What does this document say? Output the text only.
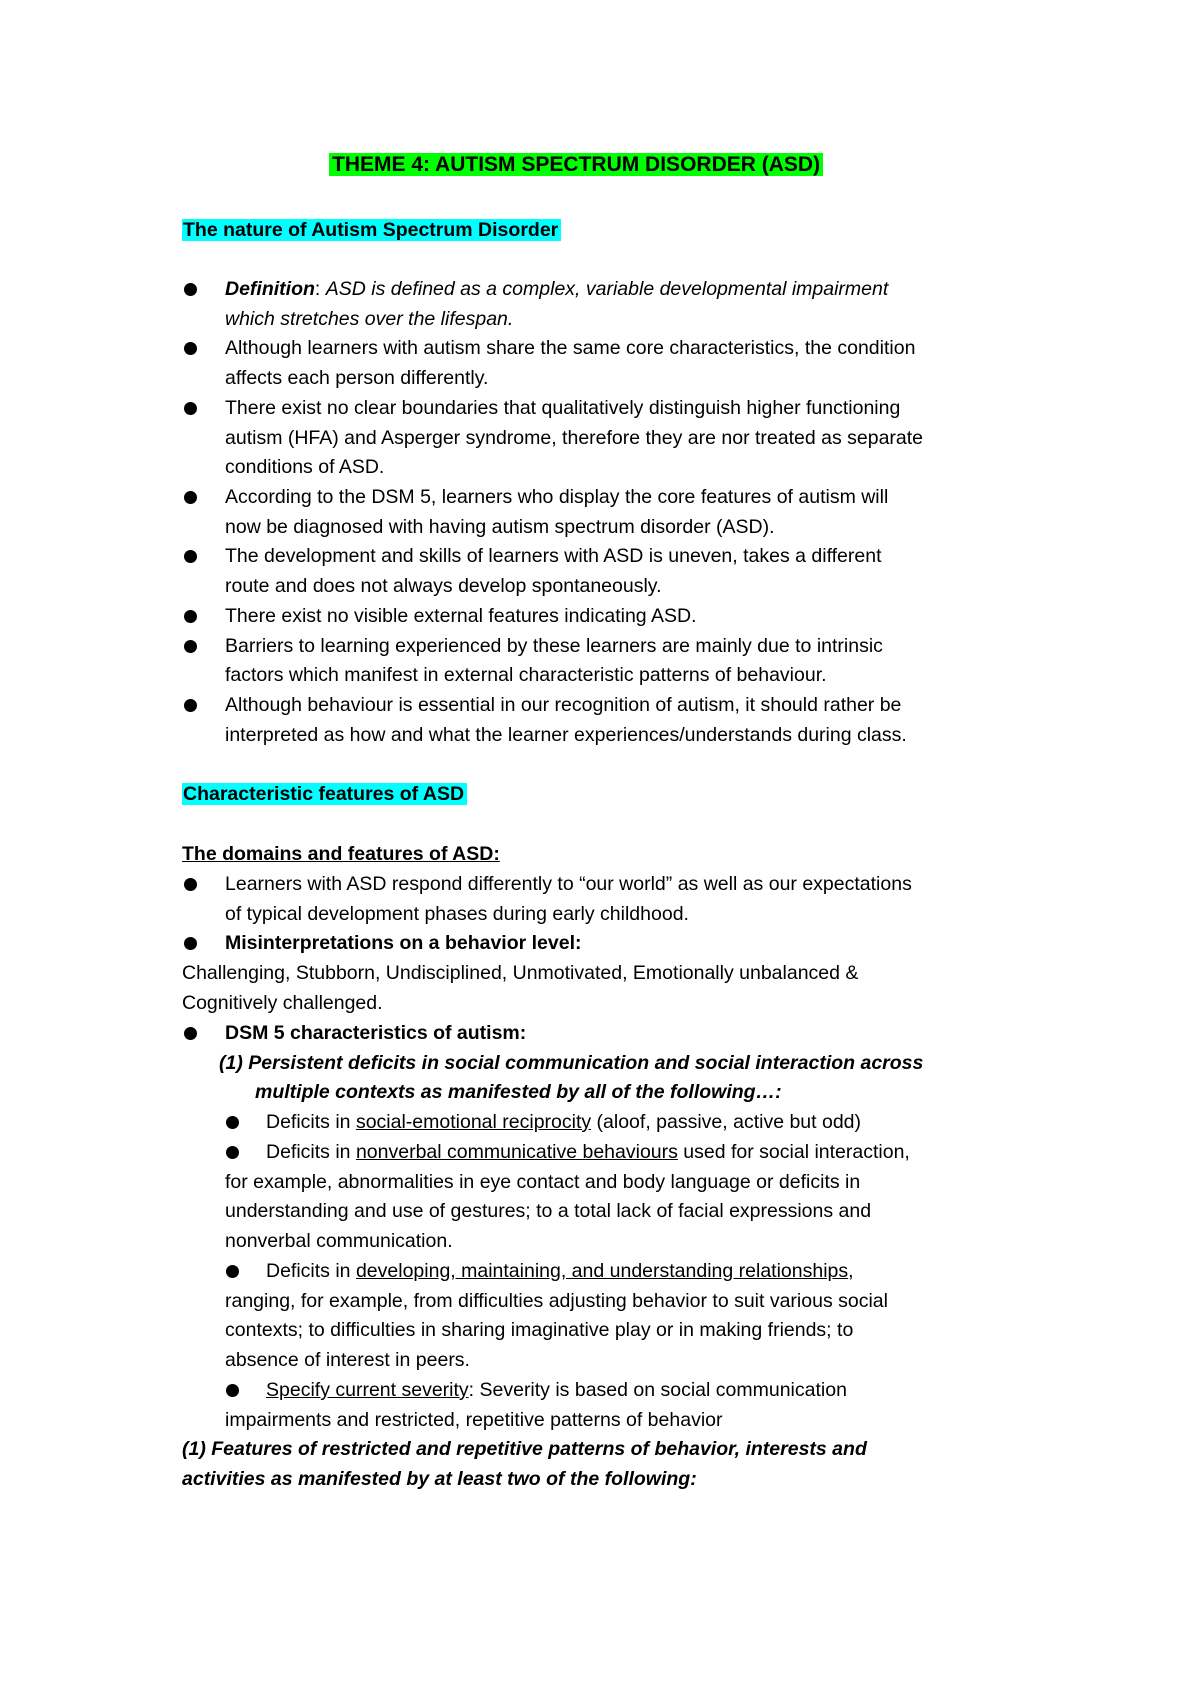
THEME 4: AUTISM SPECTRUM DISORDER (ASD)
The nature of Autism Spectrum Disorder
Definition: ASD is defined as a complex, variable developmental impairment
which stretches over the lifespan.
Although learners with autism share the same core characteristics, the condition
affects each person differently.
There exist no clear boundaries that qualitatively distinguish higher functioning
autism (HFA) and Asperger syndrome, therefore they are nor treated as separate
conditions of ASD.
According to the DSM 5, learners who display the core features of autism will
now be diagnosed with having autism spectrum disorder (ASD).
The development and skills of learners with ASD is uneven, takes a different
route and does not always develop spontaneously.
There exist no visible external features indicating ASD.
Barriers to learning experienced by these learners are mainly due to intrinsic
factors which manifest in external characteristic patterns of behaviour.
Although behaviour is essential in our recognition of autism, it should rather be
interpreted as how and what the learner experiences/understands during class.
Characteristic features of ASD
The domains and features of ASD:
Learners with ASD respond differently to “our world” as well as our expectations
of typical development phases during early childhood.
Misinterpretations on a behavior level:
Challenging, Stubborn, Undisciplined, Unmotivated, Emotionally unbalanced &
Cognitively challenged.
DSM 5 characteristics of autism:
(1) Persistent deficits in social communication and social interaction across
multiple contexts as manifested by all of the following…:
Deficits in social-emotional reciprocity (aloof, passive, active but odd)
Deficits in nonverbal communicative behaviours used for social interaction,
for example, abnormalities in eye contact and body language or deficits in
understanding and use of gestures; to a total lack of facial expressions and
nonverbal communication.
Deficits in developing, maintaining, and understanding relationships,
ranging, for example, from difficulties adjusting behavior to suit various social
contexts; to difficulties in sharing imaginative play or in making friends; to
absence of interest in peers.
Specify current severity: Severity is based on social communication
impairments and restricted, repetitive patterns of behavior
(1) Features of restricted and repetitive patterns of behavior, interests and
activities as manifested by at least two of the following:
